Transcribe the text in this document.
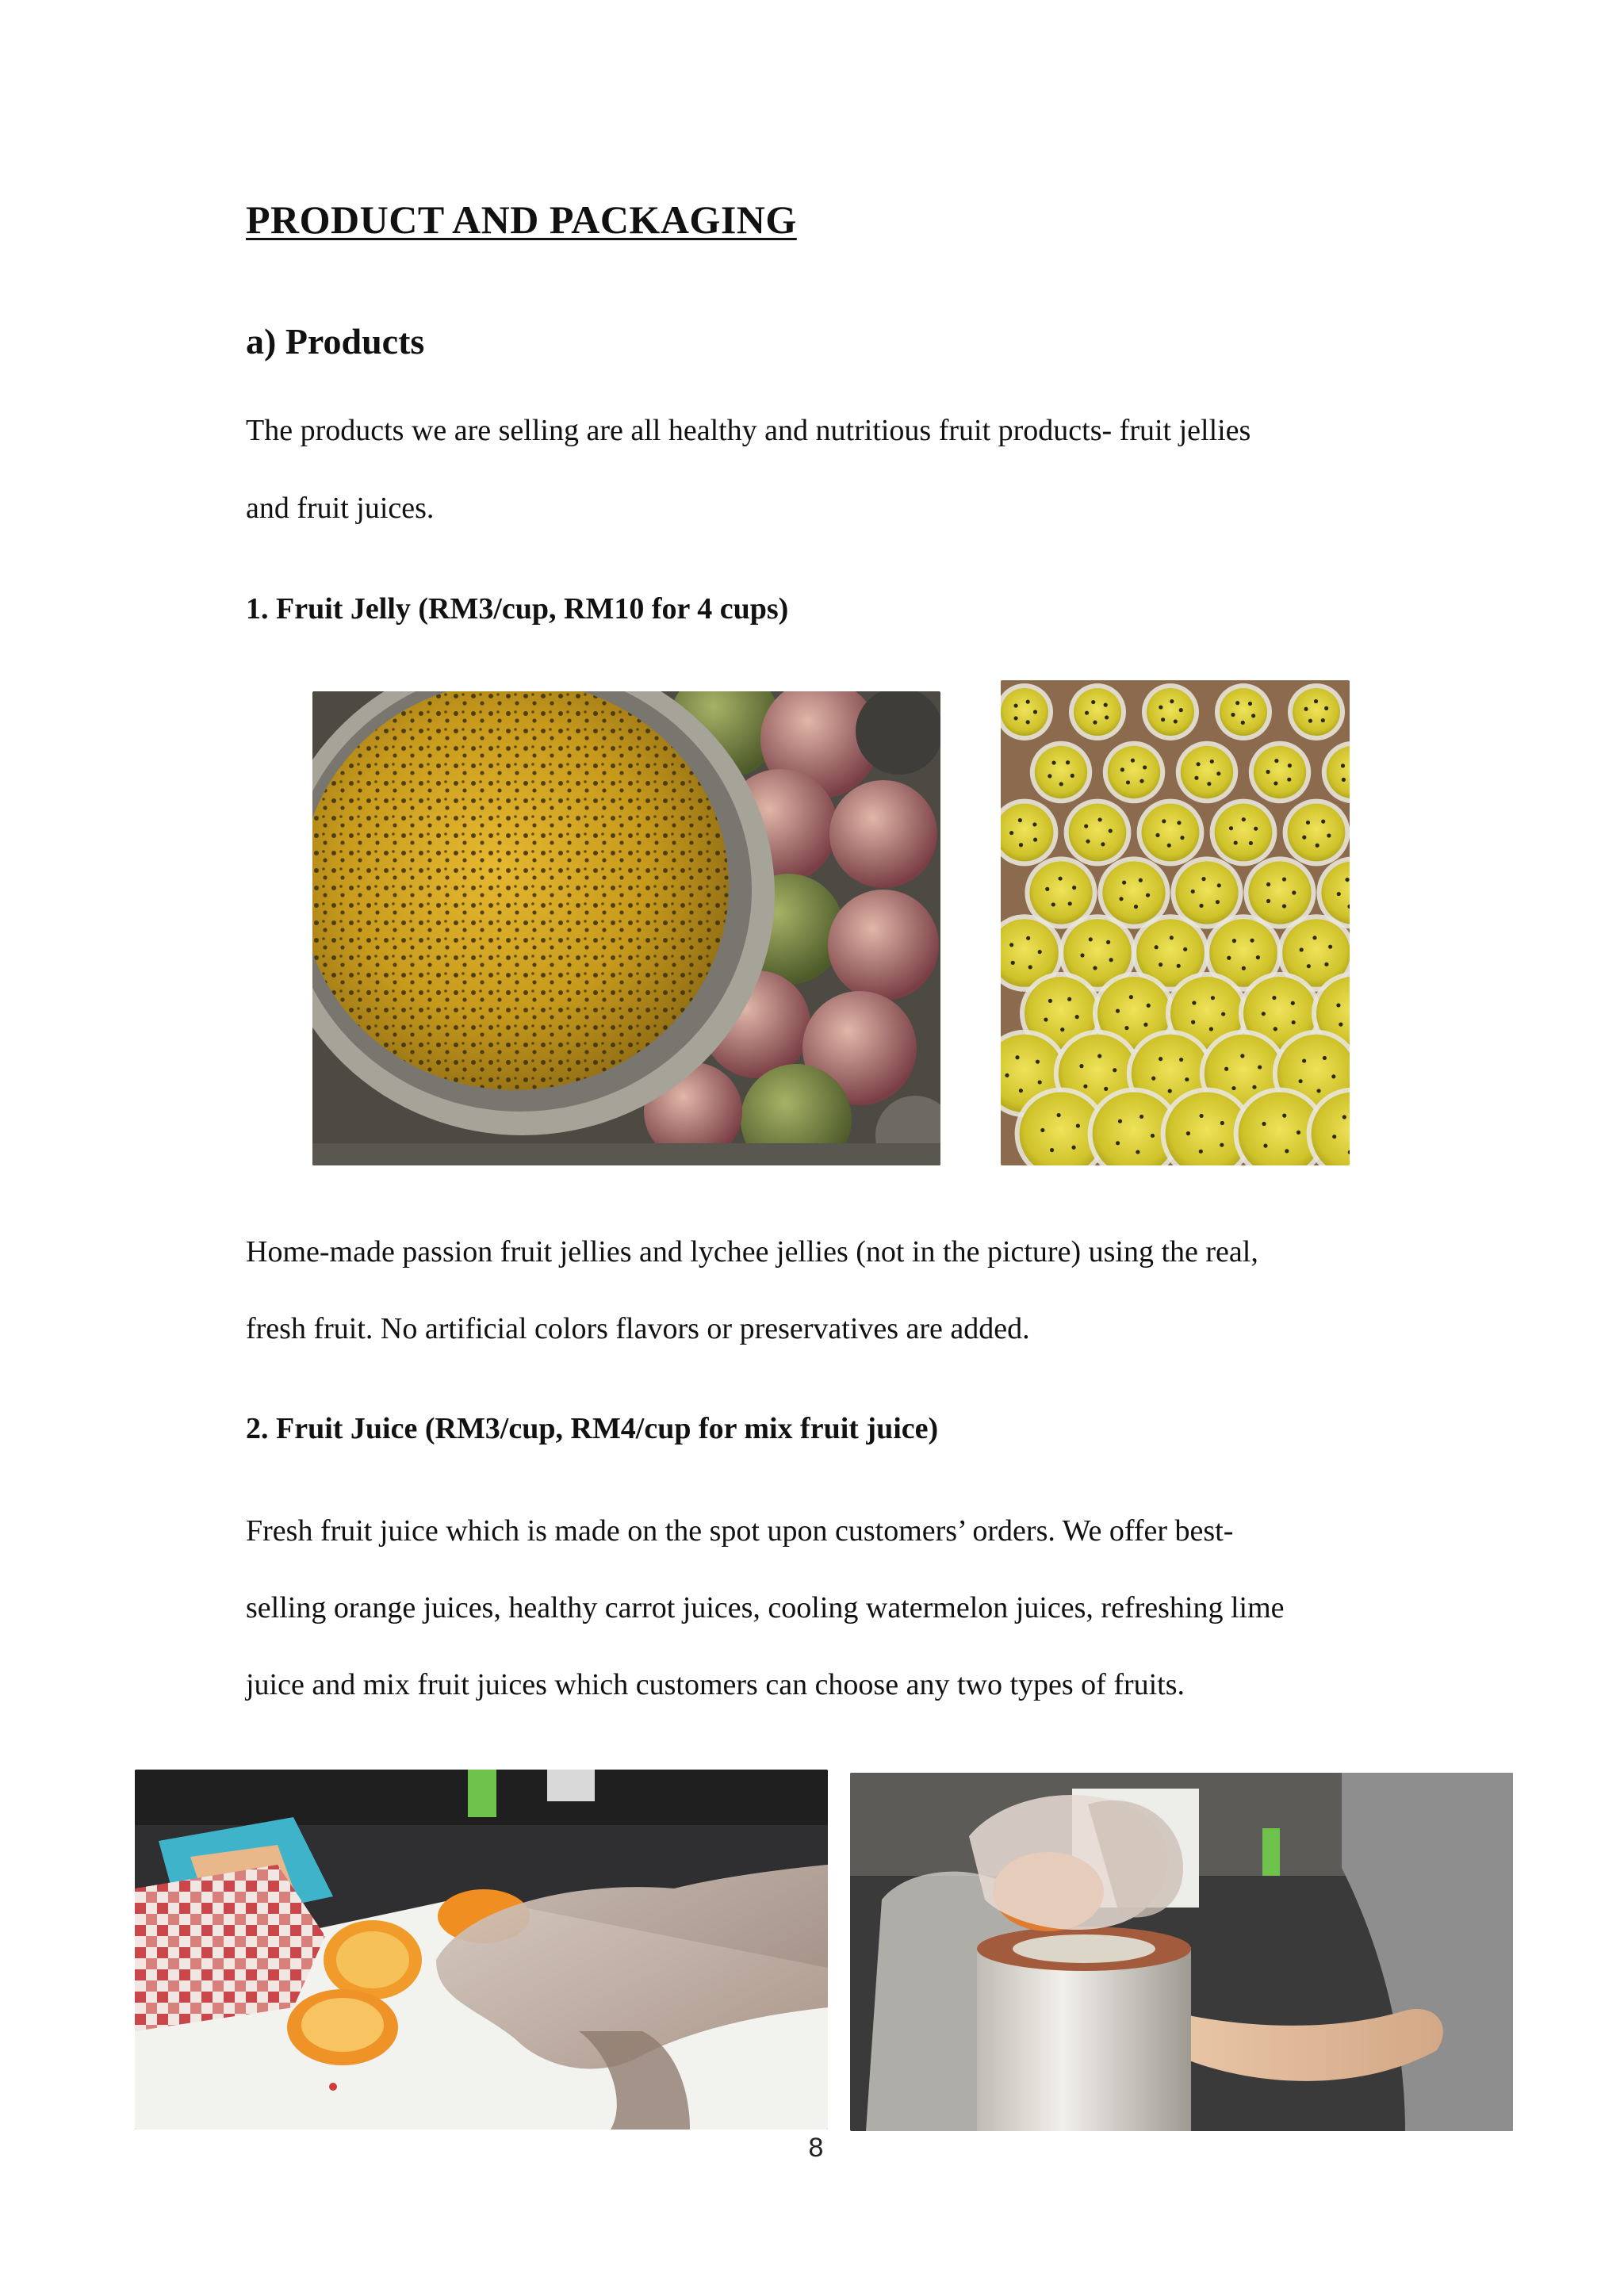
PRODUCT AND PACKAGING
a) Products
The products we are selling are all healthy and nutritious fruit products- fruit jellies
and fruit juices.
1. Fruit Jelly (RM3/cup, RM10 for 4 cups)
Home-made passion fruit jellies and lychee jellies (not in the picture) using the real,
fresh fruit. No artificial colors flavors or preservatives are added.
2. Fruit Juice (RM3/cup, RM4/cup for mix fruit juice)
Fresh fruit juice which is made on the spot upon customers’ orders. We offer best-
selling orange juices, healthy carrot juices, cooling watermelon juices, refreshing lime
juice and mix fruit juices which customers can choose any two types of fruits.
8
